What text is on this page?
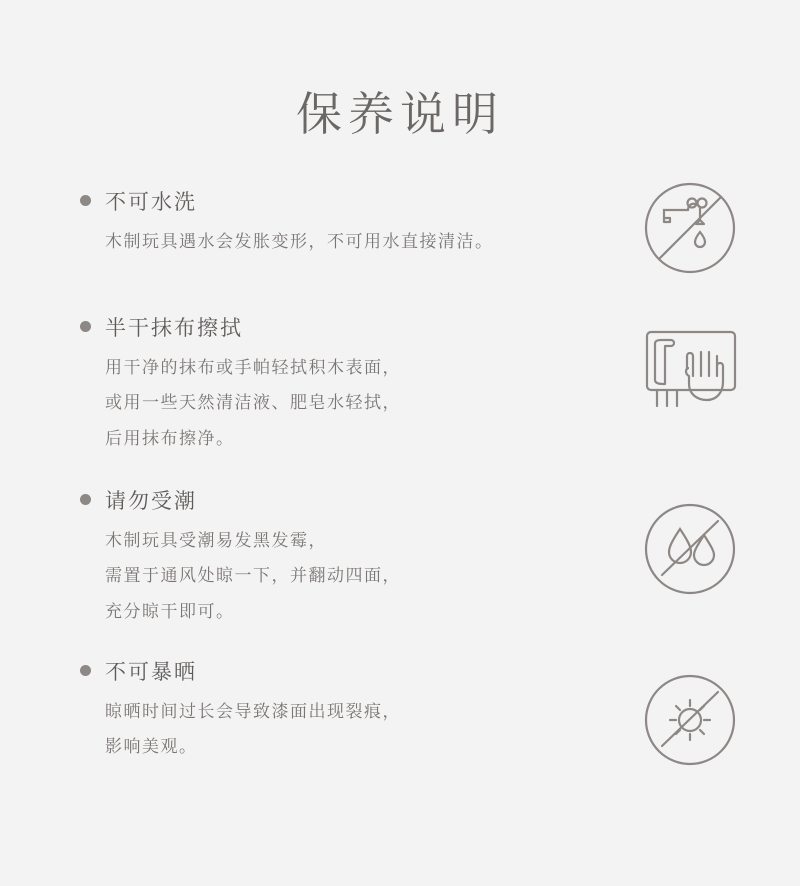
保养说明
不可水洗
木制玩具遇水会发胀变形，不可用水直接清洁。
半干抹布擦拭
用干净的抹布或手帕轻拭积木表面，
或用一些天然清洁液、肥皂水轻拭，
后用抹布擦净。
请勿受潮
木制玩具受潮易发黑发霉，
需置于通风处晾一下，并翻动四面，
充分晾干即可。
不可暴晒
晾晒时间过长会导致漆面出现裂痕，
影响美观。
